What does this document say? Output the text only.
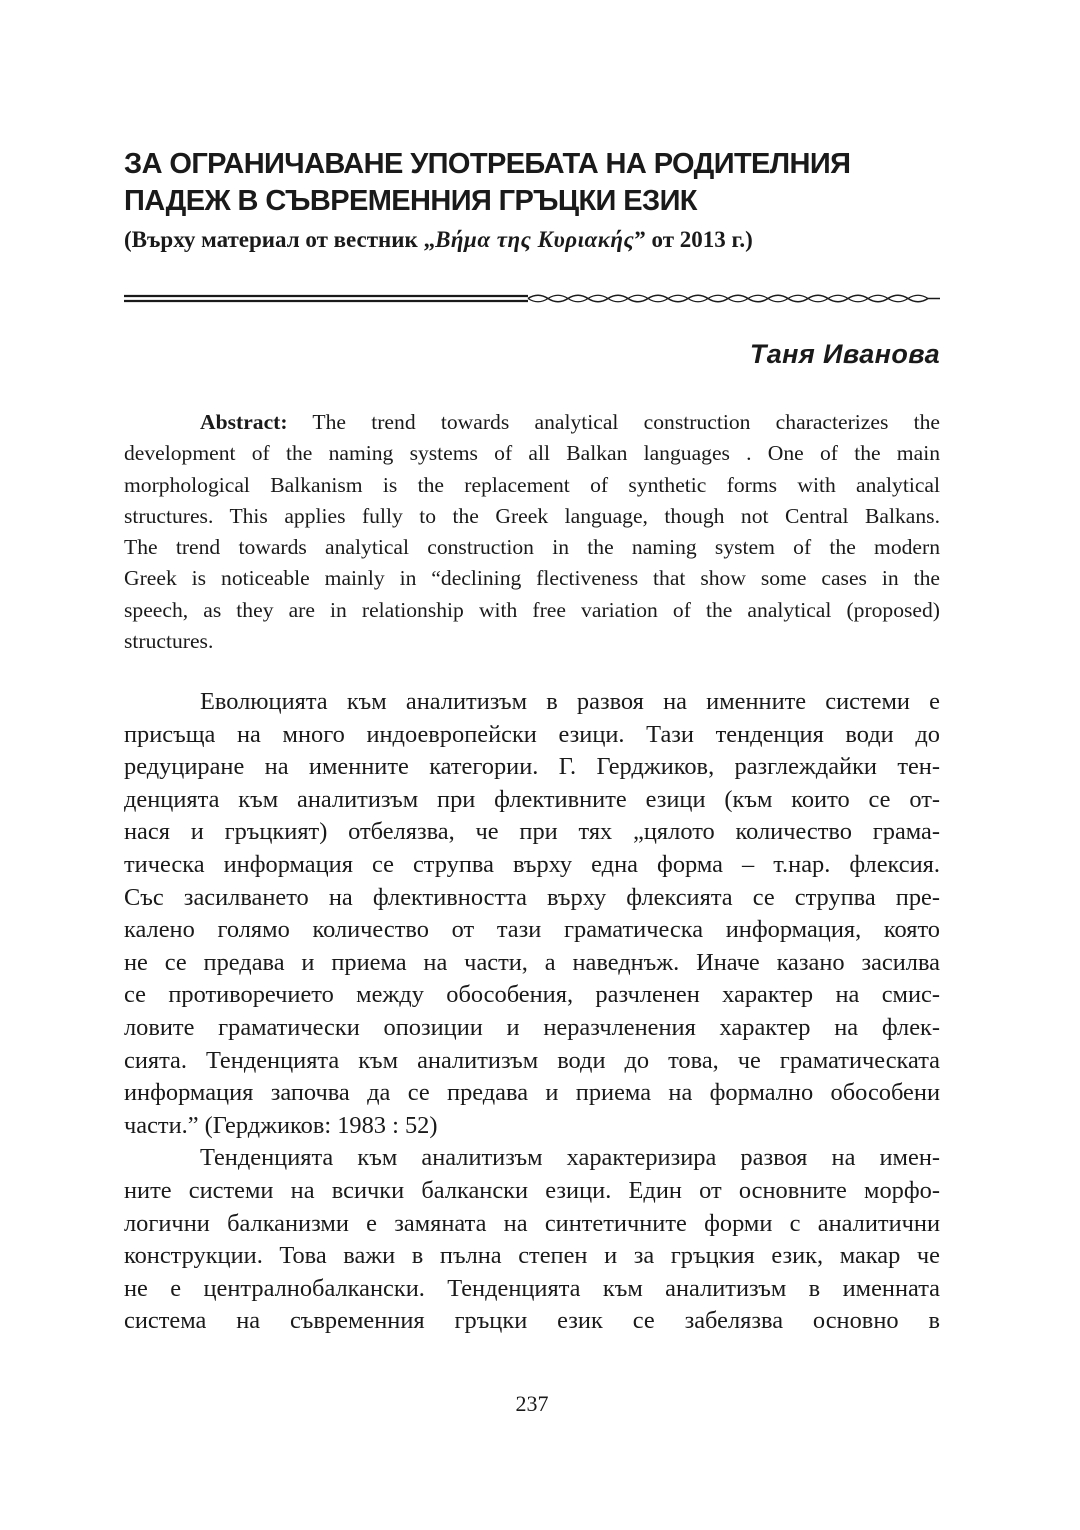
ЗА ОГРАНИЧАВАНЕ УПОТРЕБАТА НА РОДИТЕЛНИЯ
ПАДЕЖ В СЪВРЕМЕННИЯ ГРЪЦКИ ЕЗИК
(Върху материал от вестник „Βήμα της Κυριακής” от 2013 г.)
Таня Иванова
Abstract: The trend towards analytical construction characterizes the
development of the naming systems of all Balkan languages . One of the main
morphological Balkanism is the replacement of synthetic forms with analytical
structures. This applies fully to the Greek language, though not Central Balkans.
The trend towards analytical construction in the naming system of the modern
Greek is noticeable mainly in “declining flectiveness that show some cases in the
speech, as they are in relationship with free variation of the analytical (proposed)
structures.
Еволюцията към аналитизъм в развоя на именните системи е
присъща на много индоевропейски езици. Тази тенденция води до
редуциране на именните категории. Г. Герджиков, разглеждайки тен-
денцията към аналитизъм при флективните езици (към които се от-
нася и гръцкият) отбелязва, че при тях „цялото количество грама-
тическа информация се струпва върху една форма – т.нар. флексия.
Със засилването на флективността върху флексията се струпва пре-
калено голямо количество от тази граматическа информация, която
не се предава и приема на части, а наведнъж. Иначе казано засилва
се противоречието между обособения, разчленен характер на смис-
ловите граматически опозиции и неразчленения характер на флек-
сията. Тенденцията към аналитизъм води до това, че граматическата
информация започва да се предава и приема на формално обособени
части.” (Герджиков: 1983 : 52)
Тенденцията към аналитизъм характеризира развоя на имен-
ните системи на всички балкански езици. Един от основните морфо-
логични балканизми е замяната на синтетичните форми с аналитични
конструкции. Това важи в пълна степен и за гръцкия език, макар че
не е централнобалкански. Тенденцията към аналитизъм в именната
система на съвременния гръцки език се забелязва основно в
237
